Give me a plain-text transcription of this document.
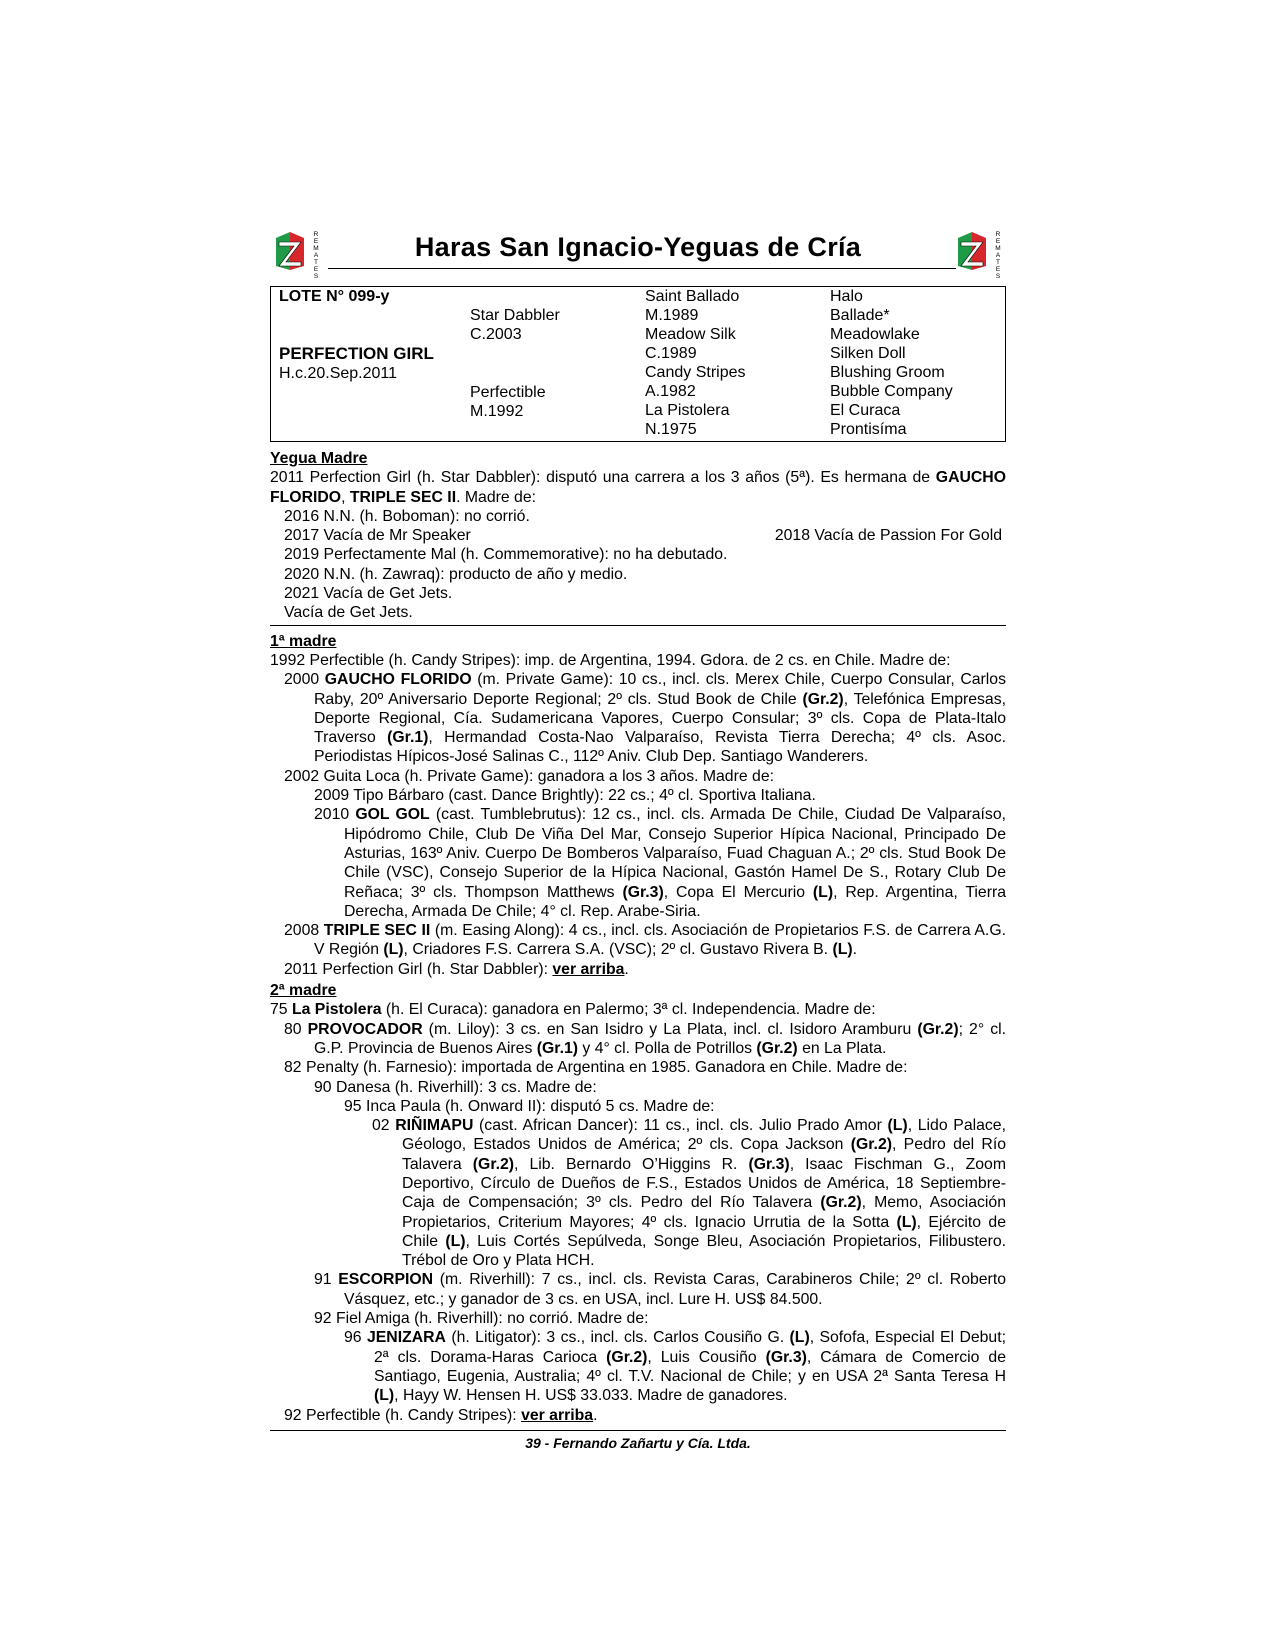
R
E
M
A
T
E
S
Haras San Ignacio-Yeguas de Cría	R
E
M
A
T
E
S
LOTE N° 099-y
PERFECTION GIRL
H.c.20.Sep.2011
Star Dabbler
C.2003
Perfectible
M.1992
Saint Ballado
M.1989
Meadow Silk
C.1989
Candy Stripes
A.1982
La Pistolera
N.1975
Halo
Ballade*
Meadowlake
Silken Doll
Blushing Groom
Bubble Company
El Curaca
Prontisíma
Yegua Madre
2011 Perfection Girl (h. Star Dabbler): disputó una carrera a los 3 años (5ª). Es hermana de GAUCHO FLORIDO, TRIPLE SEC II. Madre de:
2016 N.N. (h. Boboman): no corrió.
2017 Vacía de Mr Speaker	2018 Vacía de Passion For Gold
2019 Perfectamente Mal (h. Commemorative): no ha debutado.
2020 N.N. (h. Zawraq): producto de año y medio.
2021 Vacía de Get Jets.
Vacía de Get Jets.
1ª madre
1992 Perfectible (h. Candy Stripes): imp. de Argentina, 1994. Gdora. de 2 cs. en Chile. Madre de:
2000 GAUCHO FLORIDO (m. Private Game): 10 cs., incl. cls. Merex Chile, Cuerpo Consular, Carlos Raby, 20º Aniversario Deporte Regional; 2º cls. Stud Book de Chile (Gr.2), Telefónica Empresas, Deporte Regional, Cía. Sudamericana Vapores, Cuerpo Consular; 3º cls. Copa de Plata-Italo Traverso (Gr.1), Hermandad Costa-Nao Valparaíso, Revista Tierra Derecha; 4º cls. Asoc. Periodistas Hípicos-José Salinas C., 112º Aniv. Club Dep. Santiago Wanderers.
2002 Guita Loca (h. Private Game): ganadora a los 3 años. Madre de:
2009 Tipo Bárbaro (cast. Dance Brightly): 22 cs.; 4º cl. Sportiva Italiana.
2010 GOL GOL (cast. Tumblebrutus): 12 cs., incl. cls. Armada De Chile, Ciudad De Valparaíso, Hipódromo Chile, Club De Viña Del Mar, Consejo Superior Hípica Nacional, Principado De Asturias, 163º Aniv. Cuerpo De Bomberos Valparaíso, Fuad Chaguan A.; 2º cls. Stud Book De Chile (VSC), Consejo Superior de la Hípica Nacional, Gastón Hamel De S., Rotary Club De Reñaca; 3º cls. Thompson Matthews (Gr.3), Copa El Mercurio (L), Rep. Argentina, Tierra Derecha, Armada De Chile; 4° cl. Rep. Arabe-Siria.
2008 TRIPLE SEC II (m. Easing Along): 4 cs., incl. cls. Asociación de Propietarios F.S. de Carrera A.G. V Región (L), Criadores F.S. Carrera S.A. (VSC); 2º cl. Gustavo Rivera B. (L).
2011 Perfection Girl (h. Star Dabbler): ver arriba.
2ª madre
75 La Pistolera (h. El Curaca): ganadora en Palermo; 3ª cl. Independencia. Madre de:
80 PROVOCADOR (m. Liloy): 3 cs. en San Isidro y La Plata, incl. cl. Isidoro Aramburu (Gr.2); 2° cl. G.P. Provincia de Buenos Aires (Gr.1) y 4° cl. Polla de Potrillos (Gr.2) en La Plata.
82 Penalty (h. Farnesio): importada de Argentina en 1985. Ganadora en Chile. Madre de:
90 Danesa (h. Riverhill): 3 cs. Madre de:
95 Inca Paula (h. Onward II): disputó 5 cs. Madre de:
02 RIÑIMAPU (cast. African Dancer): 11 cs., incl. cls. Julio Prado Amor (L), Lido Palace, Géologo, Estados Unidos de América; 2º cls. Copa Jackson (Gr.2), Pedro del Río Talavera (Gr.2), Lib. Bernardo O’Higgins R. (Gr.3), Isaac Fischman G., Zoom Deportivo, Círculo de Dueños de F.S., Estados Unidos de América, 18 Septiembre-Caja de Compensación; 3º cls. Pedro del Río Talavera (Gr.2), Memo, Asociación Propietarios, Criterium Mayores; 4º cls. Ignacio Urrutia de la Sotta (L), Ejército de Chile (L), Luis Cortés Sepúlveda, Songe Bleu, Asociación Propietarios, Filibustero. Trébol de Oro y Plata HCH.
91 ESCORPION (m. Riverhill): 7 cs., incl. cls. Revista Caras, Carabineros Chile; 2º cl. Roberto Vásquez, etc.; y ganador de 3 cs. en USA, incl. Lure H. US$ 84.500.
92 Fiel Amiga (h. Riverhill): no corrió. Madre de:
96 JENIZARA (h. Litigator): 3 cs., incl. cls. Carlos Cousiño G. (L), Sofofa, Especial El Debut; 2ª cls. Dorama-Haras Carioca (Gr.2), Luis Cousiño (Gr.3), Cámara de Comercio de Santiago, Eugenia, Australia; 4º cl. T.V. Nacional de Chile; y en USA 2ª Santa Teresa H (L), Hayy W. Hensen H. US$ 33.033. Madre de ganadores.
92 Perfectible (h. Candy Stripes): ver arriba.
39 - Fernando Zañartu y Cía. Ltda.
